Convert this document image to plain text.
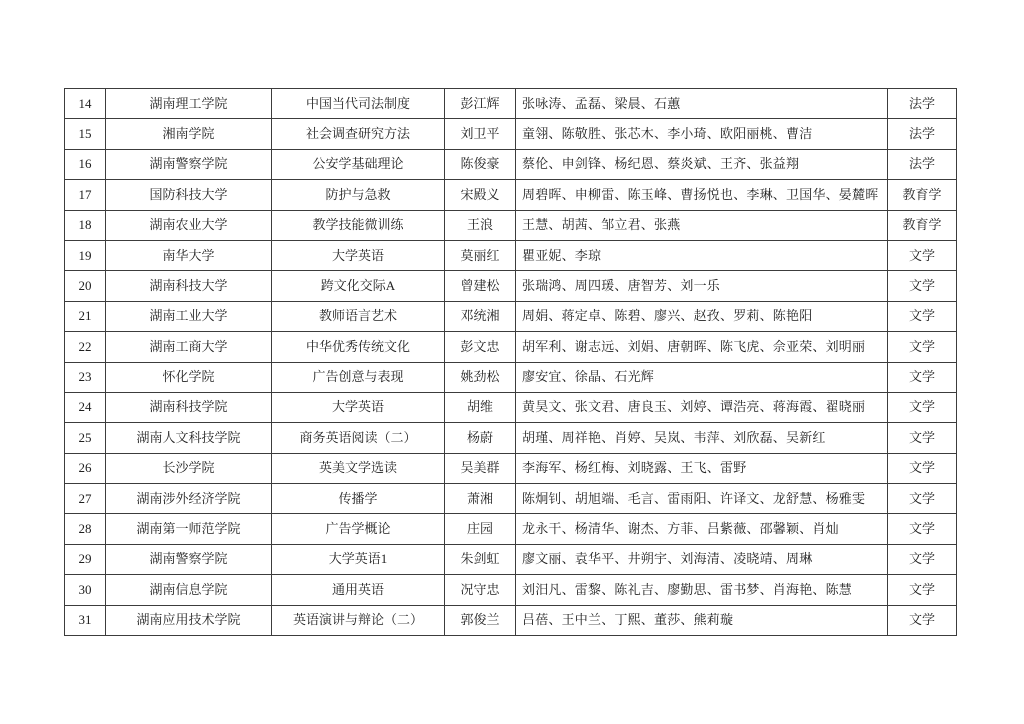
14	湖南理工学院	中国当代司法制度	彭江辉	张咏涛、孟磊、梁晨、石蕙	法学
15	湘南学院	社会调查研究方法	刘卫平	童翎、陈敬胜、张芯木、李小琦、欧阳丽桃、曹洁	法学
16	湖南警察学院	公安学基础理论	陈俊豪	蔡伦、申剑锋、杨纪恩、蔡炎斌、王齐、张益翔	法学
17	国防科技大学	防护与急救	宋殿义	周碧晖、申柳雷、陈玉峰、曹扬悦也、李琳、卫国华、晏麓晖	教育学
18	湖南农业大学	教学技能微训练	王浪	王慧、胡茜、邹立君、张燕	教育学
19	南华大学	大学英语	莫丽红	瞿亚妮、李琼	文学
20	湖南科技大学	跨文化交际A	曾建松	张瑞鸿、周四瑗、唐智芳、刘一乐	文学
21	湖南工业大学	教师语言艺术	邓统湘	周娟、蒋定卓、陈碧、廖兴、赵孜、罗莉、陈艳阳	文学
22	湖南工商大学	中华优秀传统文化	彭文忠	胡军利、谢志远、刘娟、唐朝晖、陈飞虎、佘亚荣、刘明丽	文学
23	怀化学院	广告创意与表现	姚劲松	廖安宜、徐晶、石光辉	文学
24	湖南科技学院	大学英语	胡维	黄昊文、张文君、唐良玉、刘婷、谭浩亮、蒋海霞、翟晓丽	文学
25	湖南人文科技学院	商务英语阅读（二）	杨蔚	胡瑾、周祥艳、肖婷、吴岚、韦萍、刘欣磊、吴新红	文学
26	长沙学院	英美文学选读	吴美群	李海军、杨红梅、刘晓露、王飞、雷野	文学
27	湖南涉外经济学院	传播学	萧湘	陈炯钊、胡旭端、毛言、雷雨阳、许译文、龙舒慧、杨雅雯	文学
28	湖南第一师范学院	广告学概论	庄园	龙永干、杨清华、谢杰、方菲、吕紫薇、邵馨颖、肖灿	文学
29	湖南警察学院	大学英语1	朱剑虹	廖文丽、袁华平、井朔宇、刘海清、凌晓靖、周琳	文学
30	湖南信息学院	通用英语	况守忠	刘汨凡、雷黎、陈礼吉、廖勤思、雷书梦、肖海艳、陈慧	文学
31	湖南应用技术学院	英语演讲与辩论（二）	郭俊兰	吕蓓、王中兰、丁熙、董莎、熊莉璇	文学
